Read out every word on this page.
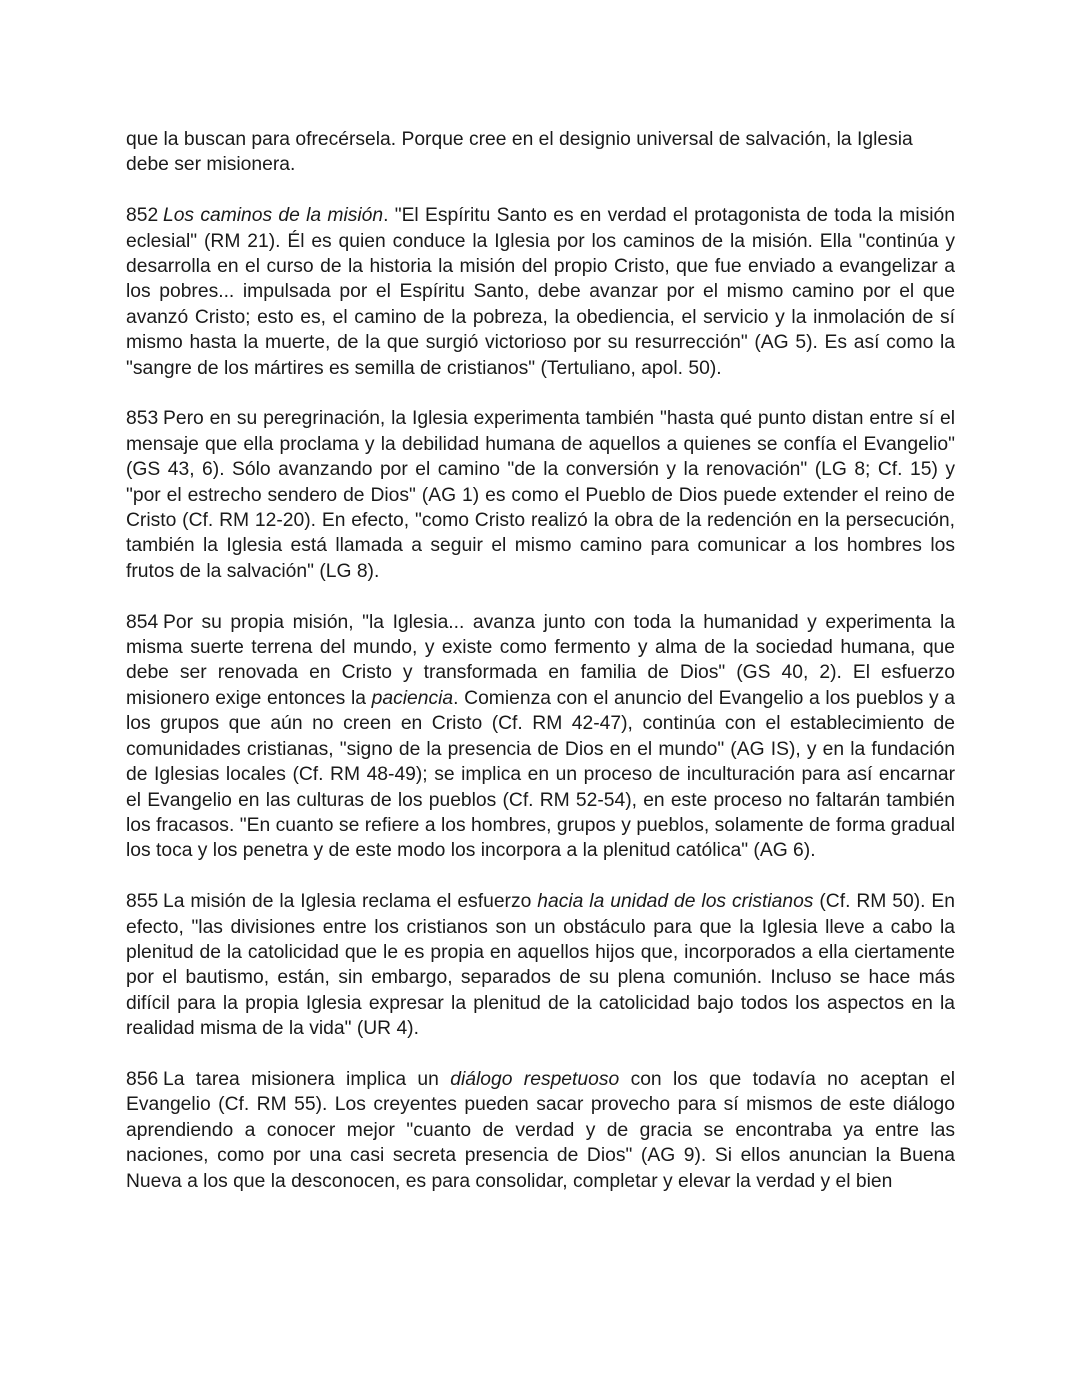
que la buscan para ofrecérsela. Porque cree en el designio universal de salvación, la Iglesia debe ser misionera.

852 Los caminos de la misión. "El Espíritu Santo es en verdad el protagonista de toda la misión eclesial" (RM 21). Él es quien conduce la Iglesia por los caminos de la misión. Ella "continúa y desarrolla en el curso de la historia la misión del propio Cristo, que fue enviado a evangelizar a los pobres... impulsada por el Espíritu Santo, debe avanzar por el mismo camino por el que avanzó Cristo; esto es, el camino de la pobreza, la obediencia, el servicio y la inmolación de sí mismo hasta la muerte, de la que surgió victorioso por su resurrección" (AG 5). Es así como la "sangre de los mártires es semilla de cristianos" (Tertuliano, apol. 50).

853 Pero en su peregrinación, la Iglesia experimenta también "hasta qué punto distan entre sí el mensaje que ella proclama y la debilidad humana de aquellos a quienes se confía el Evangelio" (GS 43, 6). Sólo avanzando por el camino "de la conversión y la renovación" (LG 8; Cf. 15) y "por el estrecho sendero de Dios" (AG 1) es como el Pueblo de Dios puede extender el reino de Cristo (Cf. RM 12-20). En efecto, "como Cristo realizó la obra de la redención en la persecución, también la Iglesia está llamada a seguir el mismo camino para comunicar a los hombres los frutos de la salvación" (LG 8).

854 Por su propia misión, "la Iglesia... avanza junto con toda la humanidad y experimenta la misma suerte terrena del mundo, y existe como fermento y alma de la sociedad humana, que debe ser renovada en Cristo y transformada en familia de Dios" (GS 40, 2). El esfuerzo misionero exige entonces la paciencia. Comienza con el anuncio del Evangelio a los pueblos y a los grupos que aún no creen en Cristo (Cf. RM 42-47), continúa con el establecimiento de comunidades cristianas, "signo de la presencia de Dios en el mundo" (AG IS), y en la fundación de Iglesias locales (Cf. RM 48-49); se implica en un proceso de inculturación para así encarnar el Evangelio en las culturas de los pueblos (Cf. RM 52-54), en este proceso no faltarán también los fracasos. "En cuanto se refiere a los hombres, grupos y pueblos, solamente de forma gradual los toca y los penetra y de este modo los incorpora a la plenitud católica" (AG 6).

855 La misión de la Iglesia reclama el esfuerzo hacia la unidad de los cristianos (Cf. RM 50). En efecto, "las divisiones entre los cristianos son un obstáculo para que la Iglesia lleve a cabo la plenitud de la catolicidad que le es propia en aquellos hijos que, incorporados a ella ciertamente por el bautismo, están, sin embargo, separados de su plena comunión. Incluso se hace más difícil para la propia Iglesia expresar la plenitud de la catolicidad bajo todos los aspectos en la realidad misma de la vida" (UR 4).

856 La tarea misionera implica un diálogo respetuoso con los que todavía no aceptan el Evangelio (Cf. RM 55). Los creyentes pueden sacar provecho para sí mismos de este diálogo aprendiendo a conocer mejor "cuanto de verdad y de gracia se encontraba ya entre las naciones, como por una casi secreta presencia de Dios" (AG 9). Si ellos anuncian la Buena Nueva a los que la desconocen, es para consolidar, completar y elevar la verdad y el bien
